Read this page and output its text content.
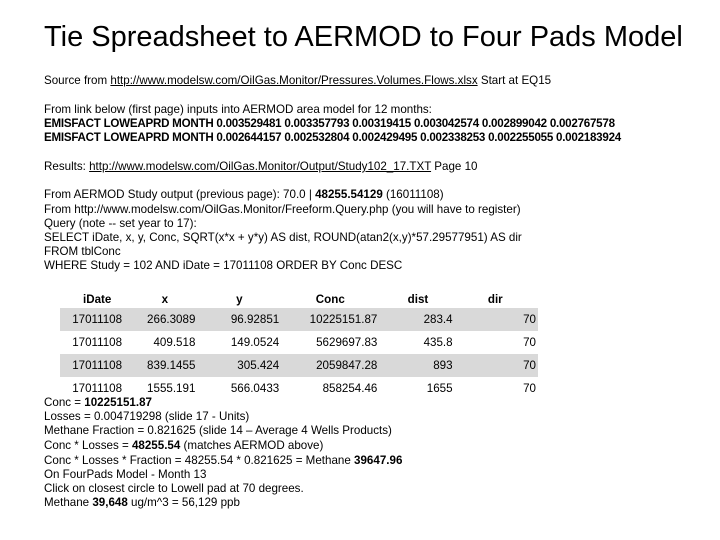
Tie Spreadsheet to AERMOD to Four Pads Model
Source from http://www.modelsw.com/OilGas.Monitor/Pressures.Volumes.Flows.xlsx Start at EQ15
From link below (first page) inputs into AERMOD area model for 12 months:
EMISFACT LOWEAPRD MONTH 0.003529481 0.003357793 0.00319415 0.003042574 0.002899042 0.002767578
EMISFACT LOWEAPRD MONTH 0.002644157 0.002532804 0.002429495 0.002338253 0.002255055 0.002183924
Results: http://www.modelsw.com/OilGas.Monitor/Output/Study102_17.TXT Page 10
From AERMOD Study output (previous page): 70.0 | 48255.54129 (16011108)
From http://www.modelsw.com/OilGas.Monitor/Freeform.Query.php (you will have to register)
Query (note -- set year to 17):
SELECT iDate, x, y, Conc, SQRT(x*x + y*y) AS dist, ROUND(atan2(x,y)*57.29577951) AS dir
FROM tblConc
WHERE Study = 102 AND iDate = 17011108 ORDER BY Conc DESC
iDate	x	y	Conc	dist	dir
17011108	266.3089	96.92851	10225151.87	283.4	70
17011108	409.518	149.0524	5629697.83	435.8	70
17011108	839.1455	305.424	2059847.28	893	70
17011108	1555.191	566.0433	858254.46	1655	70
Conc = 10225151.87
Losses = 0.004719298 (slide 17 - Units)
Methane Fraction = 0.821625 (slide 14 – Average 4 Wells Products)
Conc * Losses = 48255.54 (matches AERMOD above)
Conc * Losses * Fraction = 48255.54 * 0.821625 = Methane 39647.96
On FourPads Model - Month 13
Click on closest circle to Lowell pad at 70 degrees.
Methane 39,648 ug/m^3 = 56,129 ppb
